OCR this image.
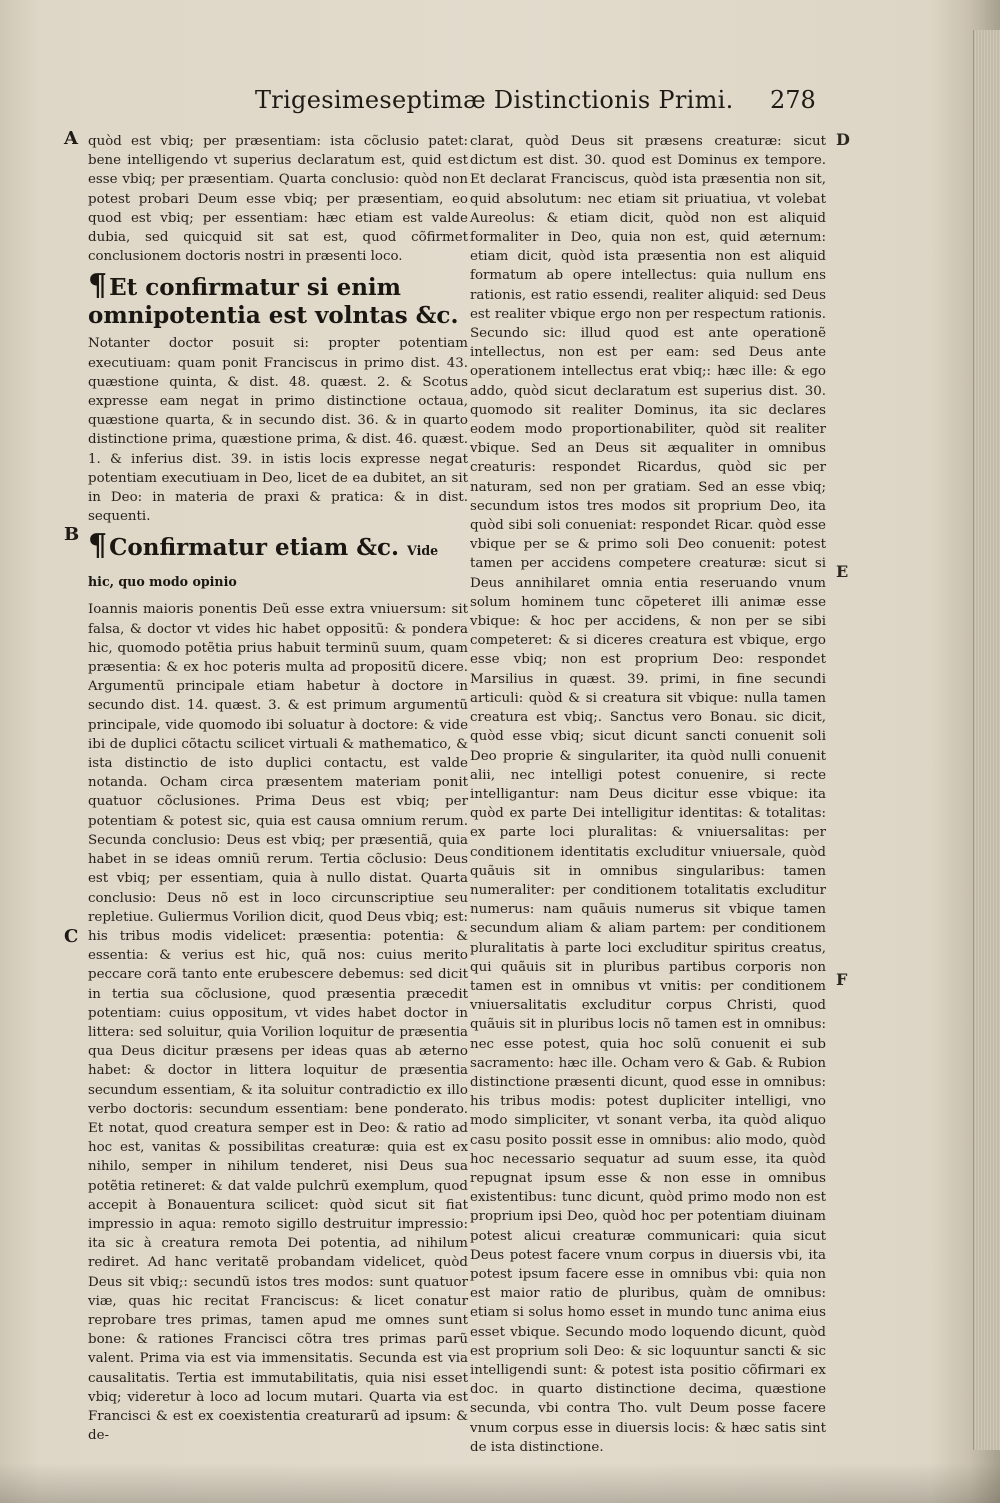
Trigesimeseptimæ Distinctionis Primi. 278
A
B
C
D
E
F

quòd est vbiq; per præsentiam: ista cõclusio patet: bene intelligendo vt superius declaratum est, quid est esse vbiq; per præsentiam. Quarta conclusio: quòd non potest probari Deum esse vbiq; per præsentiam, eo quod est vbiq; per essentiam: hæc etiam est valde dubia, sed quicquid sit sat est, quod cõfirmet conclusionem doctoris nostri in præsenti loco.

¶Et confirmatur si enim omnipotentia est volntas &c.

Notanter doctor posuit si: propter potentiam executiuam: quam ponit Franciscus in primo dist. 43. quæstione quinta, & dist. 48. quæst. 2. & Scotus expresse eam negat in primo distinctione octaua, quæstione quarta, & in secundo dist. 36. & in quarto distinctione prima, quæstione prima, & dist. 46. quæst. 1. & inferius dist. 39. in istis locis expresse negat potentiam executiuam in Deo, licet de ea dubitet, an sit in Deo: in materia de praxi & pratica: & in dist. sequenti.

¶Confirmatur etiam &c. Vide hic, quo modo opinio

Ioannis maioris ponentis Deũ esse extra vniuersum: sit falsa, & doctor vt vides hic habet oppositũ: & pondera hic, quomodo potẽtia prius habuit terminũ suum, quam præsentia: & ex hoc poteris multa ad propositũ dicere. Argumentũ principale etiam habetur à doctore in secundo dist. 14. quæst. 3. & est primum argumentũ principale, vide quomodo ibi soluatur à doctore: & vide ibi de duplici cõtactu scilicet virtuali & mathematico, & ista distinctio de isto duplici contactu, est valde notanda. Ocham circa præsentem materiam ponit quatuor cõclusiones. Prima Deus est vbiq; per potentiam & potest sic, quia est causa omnium rerum. Secunda conclusio: Deus est vbiq; per præsentiã, quia habet in se ideas omniũ rerum. Tertia cõclusio: Deus est vbiq; per essentiam, quia à nullo distat. Quarta conclusio: Deus nõ est in loco circunscriptiue seu repletiue. Guliermus Vorilion dicit, quod Deus vbiq; est: his tribus modis videlicet: præsentia: potentia: & essentia: & verius est hic, quã nos: cuius merito peccare corã tanto ente erubescere debemus: sed dicit in tertia sua cõclusione, quod præsentia præcedit potentiam: cuius oppositum, vt vides habet doctor in littera: sed soluitur, quia Vorilion loquitur de præsentia qua Deus dicitur præsens per ideas quas ab æterno habet: & doctor in littera loquitur de præsentia secundum essentiam, & ita soluitur contradictio ex illo verbo doctoris: secundum essentiam: bene ponderato. Et notat, quod creatura semper est in Deo: & ratio ad hoc est, vanitas & possibilitas creaturæ: quia est ex nihilo, semper in nihilum tenderet, nisi Deus sua potẽtia retineret: & dat valde pulchrũ exemplum, quod accepit à Bonauentura scilicet: quòd sicut sit fiat impressio in aqua: remoto sigillo destruitur impressio: ita sic à creatura remota Dei potentia, ad nihilum rediret. Ad hanc veritatẽ probandam videlicet, quòd Deus sit vbiq;: secundũ istos tres modos: sunt quatuor viæ, quas hic recitat Franciscus: & licet conatur reprobare tres primas, tamen apud me omnes sunt bone: & rationes Francisci cõtra tres primas parũ valent. Prima via est via immensitatis. Secunda est via causalitatis. Tertia est immutabilitatis, quia nisi esset vbiq; videretur à loco ad locum mutari. Quarta via est Francisci & est ex coexistentia creaturarũ ad ipsum: & de-

clarat, quòd Deus sit præsens creaturæ: sicut dictum est dist. 30. quod est Dominus ex tempore. Et declarat Franciscus, quòd ista præsentia non sit, quid absolutum: nec etiam sit priuatiua, vt volebat Aureolus: & etiam dicit, quòd non est aliquid formaliter in Deo, quia non est, quid æternum: etiam dicit, quòd ista præsentia non est aliquid formatum ab opere intellectus: quia nullum ens rationis, est ratio essendi, realiter aliquid: sed Deus est realiter vbique ergo non per respectum rationis. Secundo sic: illud quod est ante operationẽ intellectus, non est per eam: sed Deus ante operationem intellectus erat vbiq;: hæc ille: & ego addo, quòd sicut declaratum est superius dist. 30. quomodo sit realiter Dominus, ita sic declares eodem modo proportionabiliter, quòd sit realiter vbique. Sed an Deus sit æqualiter in omnibus creaturis: respondet Ricardus, quòd sic per naturam, sed non per gratiam. Sed an esse vbiq; secundum istos tres modos sit proprium Deo, ita quòd sibi soli conueniat: respondet Ricar. quòd esse vbique per se & primo soli Deo conuenit: potest tamen per accidens competere creaturæ: sicut si Deus annihilaret omnia entia reseruando vnum solum hominem tunc cõpeteret illi animæ esse vbique: & hoc per accidens, & non per se sibi competeret: & si diceres creatura est vbique, ergo esse vbiq; non est proprium Deo: respondet Marsilius in quæst. 39. primi, in fine secundi articuli: quòd & si creatura sit vbique: nulla tamen creatura est vbiq;. Sanctus vero Bonau. sic dicit, quòd esse vbiq; sicut dicunt sancti conuenit soli Deo proprie & singulariter, ita quòd nulli conuenit alii, nec intelligi potest conuenire, si recte intelligantur: nam Deus dicitur esse vbique: ita quòd ex parte Dei intelligitur identitas: & totalitas: ex parte loci pluralitas: & vniuersalitas: per conditionem identitatis excluditur vniuersale, quòd quãuis sit in omnibus singularibus: tamen numeraliter: per conditionem totalitatis excluditur numerus: nam quãuis numerus sit vbique tamen secundum aliam & aliam partem: per conditionem pluralitatis à parte loci excluditur spiritus creatus, qui quãuis sit in pluribus partibus corporis non tamen est in omnibus vt vnitis: per conditionem vniuersalitatis excluditur corpus Christi, quod quãuis sit in pluribus locis nõ tamen est in omnibus: nec esse potest, quia hoc solũ conuenit ei sub sacramento: hæc ille. Ocham vero & Gab. & Rubion distinctione præsenti dicunt, quod esse in omnibus: his tribus modis: potest dupliciter intelligi, vno modo simpliciter, vt sonant verba, ita quòd aliquo casu posito possit esse in omnibus: alio modo, quòd hoc necessario sequatur ad suum esse, ita quòd repugnat ipsum esse & non esse in omnibus existentibus: tunc dicunt, quòd primo modo non est proprium ipsi Deo, quòd hoc per potentiam diuinam potest alicui creaturæ communicari: quia sicut Deus potest facere vnum corpus in diuersis vbi, ita potest ipsum facere esse in omnibus vbi: quia non est maior ratio de pluribus, quàm de omnibus: etiam si solus homo esset in mundo tunc anima eius esset vbique. Secundo modo loquendo dicunt, quòd est proprium soli Deo: & sic loquuntur sancti & sic intelligendi sunt: & potest ista positio cõfirmari ex doc. in quarto distinctione decima, quæstione secunda, vbi contra Tho. vult Deum posse facere vnum corpus esse in diuersis locis: & hæc satis sint de ista distinctione.
